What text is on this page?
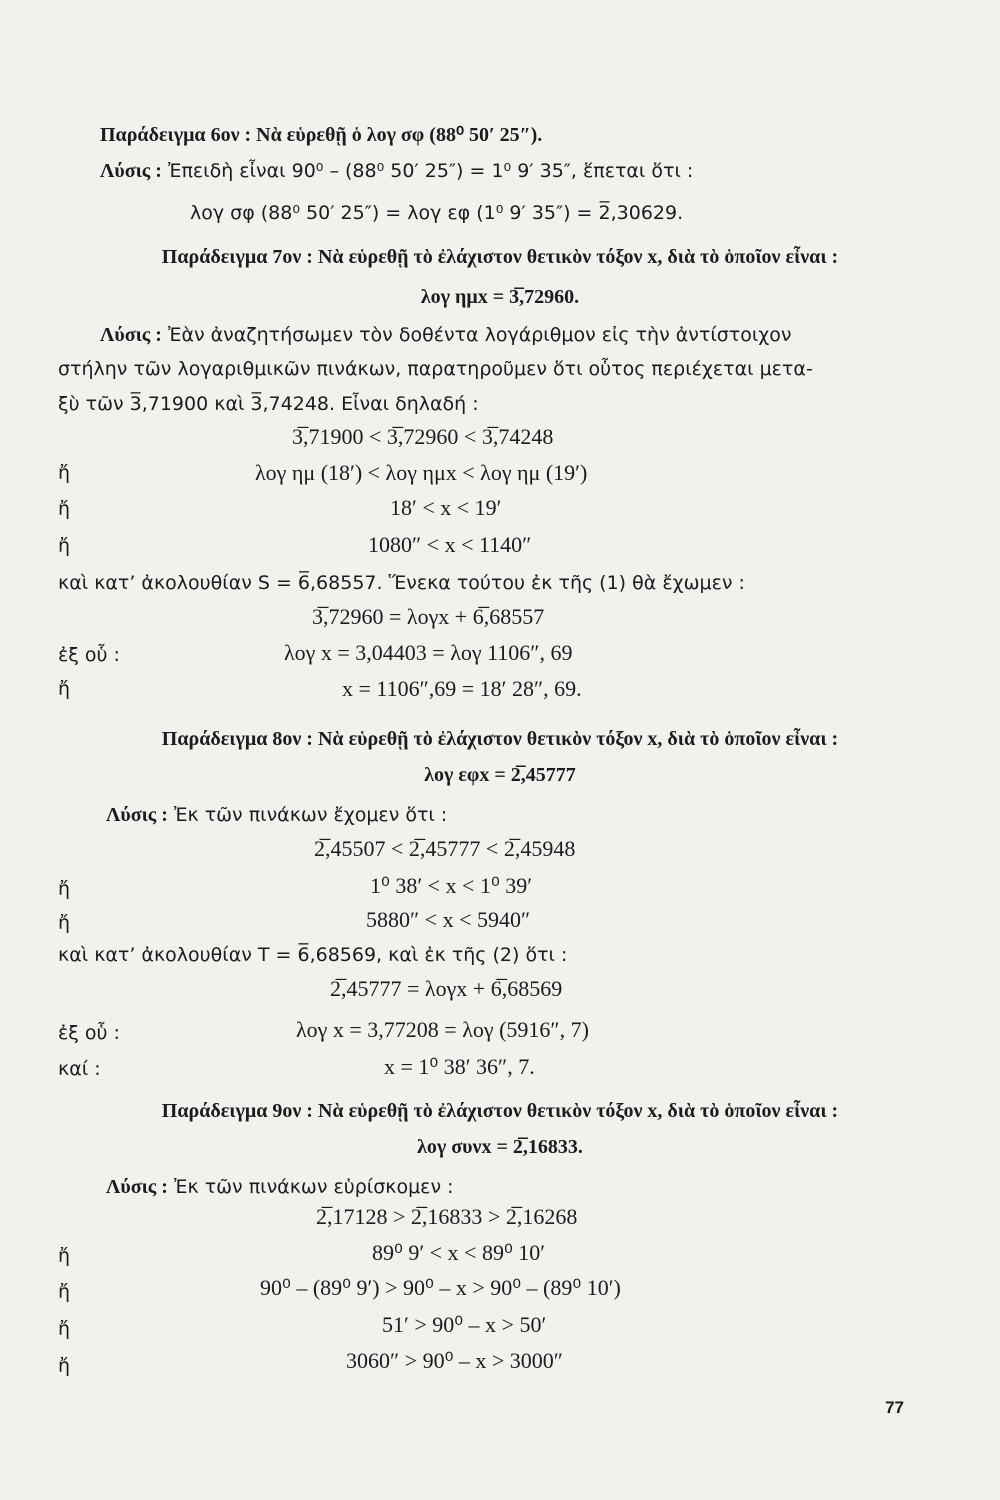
Παράδειγμα 6ον : Νὰ εὑρεθῇ ὁ λογ σφ (88⁰ 50′ 25″).
Λύσις : Ἐπειδὴ εἶναι 90⁰ – (88⁰ 50′ 25″) = 1⁰ 9′ 35″, ἕπεται ὅτι :
λογ σφ (88⁰ 50′ 25″) = λογ εφ (1⁰ 9′ 35″) = 2̅,30629.
Παράδειγμα 7ον : Νὰ εὑρεθῇ τὸ ἐλάχιστον θετικὸν τόξον x, διὰ τὸ ὁποῖον εἶναι :
λογ ημx = 3̅,72960.
Λύσις : Ἐὰν ἀναζητήσωμεν τὸν δοθέντα λογάριθμον εἰς τὴν ἀντίστοιχον
στήλην τῶν λογαριθμικῶν πινάκων, παρατηροῦμεν ὅτι οὗτος περιέχεται μετα-
ξὺ τῶν 3̅,71900 καὶ 3̅,74248. Εἶναι δηλαδή :
3̅,71900 < 3̅,72960 < 3̅,74248
ἤ	λογ ημ (18′) < λογ ημx < λογ ημ (19′)
ἤ	18′ < x < 19′
ἤ	1080″ < x < 1140″
καὶ κατ’ ἀκολουθίαν S = 6̅,68557. Ἕνεκα τούτου ἐκ τῆς (1) θὰ ἔχωμεν :
3̅,72960 = λογx + 6̅,68557
ἐξ οὗ :	λογ x = 3,04403 = λογ 1106″, 69
ἤ	x = 1106″,69 = 18′ 28″, 69.
Παράδειγμα 8ον : Νὰ εὑρεθῇ τὸ ἐλάχιστον θετικὸν τόξον x, διὰ τὸ ὁποῖον εἶναι :
λογ εφx = 2̅,45777
Λύσις : Ἐκ τῶν πινάκων ἔχομεν ὅτι :
2̅,45507 < 2̅,45777 < 2̅,45948
ἤ	1⁰ 38′ < x < 1⁰ 39′
ἤ	5880″ < x < 5940″
καὶ κατ’ ἀκολουθίαν T = 6̅,68569, καὶ ἐκ τῆς (2) ὅτι :
2̅,45777 = λογx + 6̅,68569
ἐξ οὗ :	λογ x = 3,77208 = λογ (5916″, 7)
καί :	x = 1⁰ 38′ 36″, 7.
Παράδειγμα 9ον : Νὰ εὑρεθῇ τὸ ἐλάχιστον θετικὸν τόξον x, διὰ τὸ ὁποῖον εἶναι :
λογ συνx = 2̅,16833.
Λύσις : Ἐκ τῶν πινάκων εὑρίσκομεν :
2̅,17128 > 2̅,16833 > 2̅,16268
ἤ	89⁰ 9′ < x < 89⁰ 10′
ἤ	90⁰ – (89⁰ 9′) > 90⁰ – x > 90⁰ – (89⁰ 10′)
ἤ	51′ > 90⁰ – x > 50′
ἤ	3060″ > 90⁰ – x > 3000″
77
